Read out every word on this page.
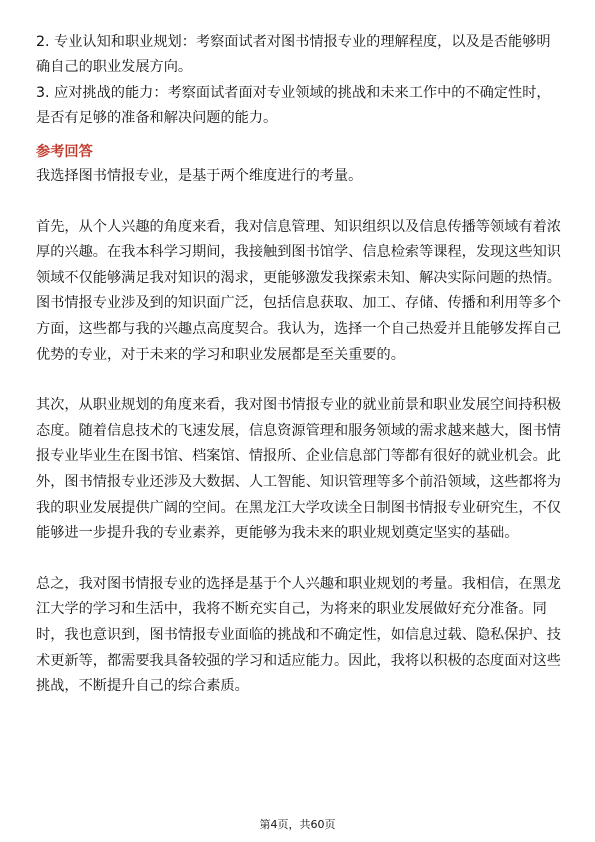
2. 专业认知和职业规划：考察面试者对图书情报专业的理解程度，以及是否能够明确自己的职业发展方向。

3. 应对挑战的能力：考察面试者面对专业领域的挑战和未来工作中的不确定性时，是否有足够的准备和解决问题的能力。

参考回答

我选择图书情报专业，是基于两个维度进行的考量。

首先，从个人兴趣的角度来看，我对信息管理、知识组织以及信息传播等领域有着浓厚的兴趣。在我本科学习期间，我接触到图书馆学、信息检索等课程，发现这些知识领域不仅能够满足我对知识的渴求，更能够激发我探索未知、解决实际问题的热情。图书情报专业涉及到的知识面广泛，包括信息获取、加工、存储、传播和利用等多个方面，这些都与我的兴趣点高度契合。我认为，选择一个自己热爱并且能够发挥自己优势的专业，对于未来的学习和职业发展都是至关重要的。

其次，从职业规划的角度来看，我对图书情报专业的就业前景和职业发展空间持积极态度。随着信息技术的飞速发展，信息资源管理和服务领域的需求越来越大，图书情报专业毕业生在图书馆、档案馆、情报所、企业信息部门等都有很好的就业机会。此外，图书情报专业还涉及大数据、人工智能、知识管理等多个前沿领域，这些都将为我的职业发展提供广阔的空间。在黑龙江大学攻读全日制图书情报专业研究生，不仅能够进一步提升我的专业素养，更能够为我未来的职业规划奠定坚实的基础。

总之，我对图书情报专业的选择是基于个人兴趣和职业规划的考量。我相信，在黑龙江大学的学习和生活中，我将不断充实自己，为将来的职业发展做好充分准备。同时，我也意识到，图书情报专业面临的挑战和不确定性，如信息过载、隐私保护、技术更新等，都需要我具备较强的学习和适应能力。因此，我将以积极的态度面对这些挑战，不断提升自己的综合素质。

第4页，共60页
